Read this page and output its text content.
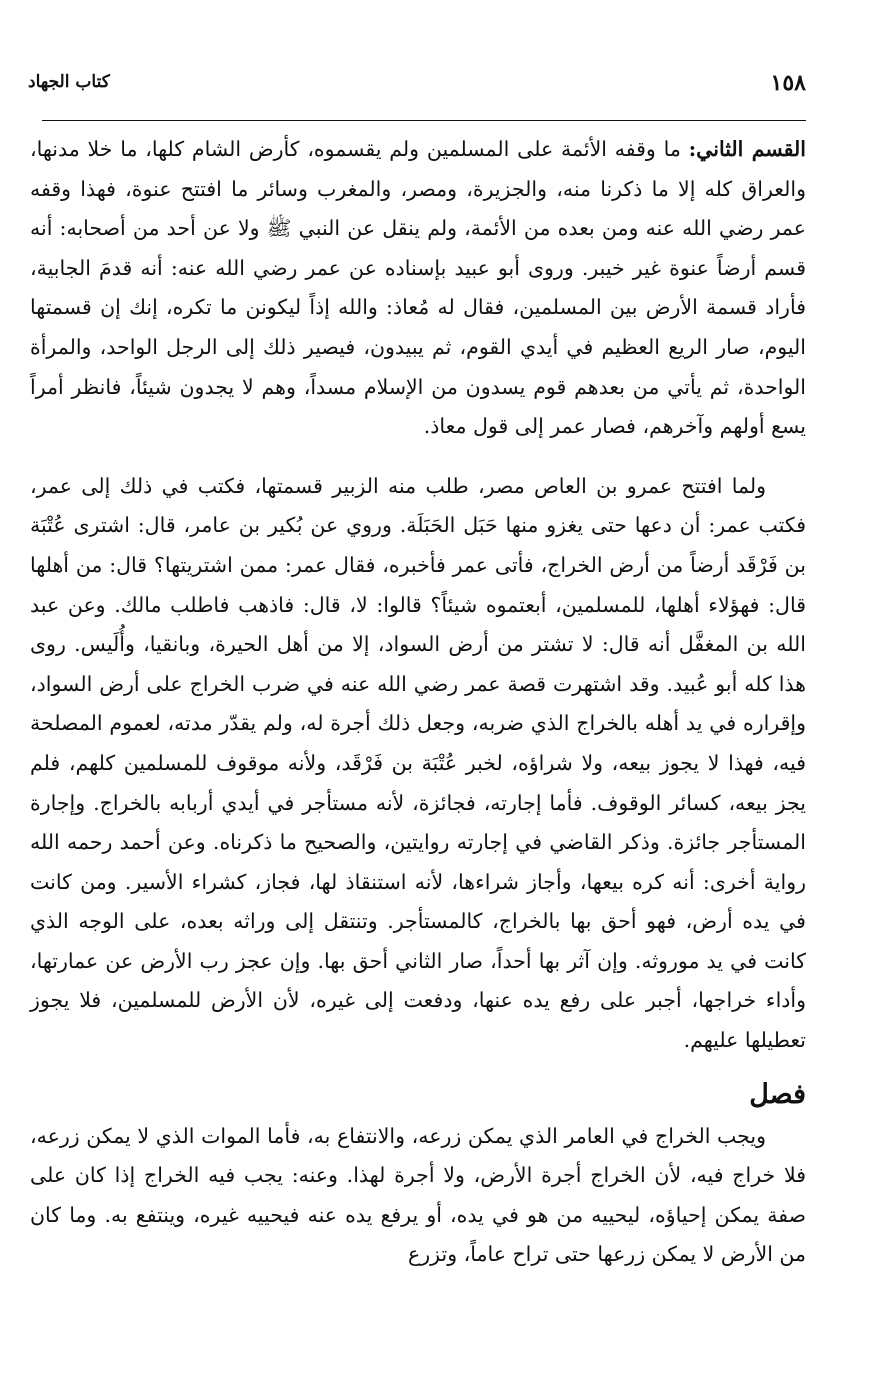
كتاب الجهاد	١٥٨

القسم الثاني: ما وقفه الأئمة على المسلمين ولم يقسموه، كأرض الشام كلها، ما خلا مدنها، والعراق كله إلا ما ذكرنا منه، والجزيرة، ومصر، والمغرب وسائر ما افتتح عنوة، فهذا وقفه عمر رضي الله عنه ومن بعده من الأئمة، ولم ينقل عن النبي ﷺ ولا عن أحد من أصحابه: أنه قسم أرضاً عنوة غير خيبر. وروى أبو عبيد بإسناده عن عمر رضي الله عنه: أنه قدمَ الجابية، فأراد قسمة الأرض بين المسلمين، فقال له مُعاذ: والله إذاً ليكونن ما تكره، إنك إن قسمتها اليوم، صار الريع العظيم في أيدي القوم، ثم يبيدون، فيصير ذلك إلى الرجل الواحد، والمرأة الواحدة، ثم يأتي من بعدهم قوم يسدون من الإسلام مسداً، وهم لا يجدون شيئاً، فانظر أمراً يسع أولهم وآخرهم، فصار عمر إلى قول معاذ.

ولما افتتح عمرو بن العاص مصر، طلب منه الزبير قسمتها، فكتب في ذلك إلى عمر، فكتب عمر: أن دعها حتى يغزو منها حَبَل الحَبَلَة. وروي عن بُكير بن عامر، قال: اشترى عُتْبَة بن فَرْقَد أرضاً من أرض الخراج، فأتى عمر فأخبره، فقال عمر: ممن اشتريتها؟ قال: من أهلها قال: فهؤلاء أهلها، للمسلمين، أبعتموه شيئاً؟ قالوا: لا، قال: فاذهب فاطلب مالك. وعن عبد الله بن المغفَّل أنه قال: لا تشتر من أرض السواد، إلا من أهل الحيرة، وبانقيا، وأُلَيس. روى هذا كله أبو عُبيد. وقد اشتهرت قصة عمر رضي الله عنه في ضرب الخراج على أرض السواد، وإقراره في يد أهله بالخراج الذي ضربه، وجعل ذلك أجرة له، ولم يقدّر مدته، لعموم المصلحة فيه، فهذا لا يجوز بيعه، ولا شراؤه، لخبر عُتْبَة بن فَرْقَد، ولأنه موقوف للمسلمين كلهم، فلم يجز بيعه، كسائر الوقوف. فأما إجارته، فجائزة، لأنه مستأجر في أيدي أربابه بالخراج. وإجارة المستأجر جائزة. وذكر القاضي في إجارته روايتين، والصحيح ما ذكرناه. وعن أحمد رحمه الله رواية أخرى: أنه كره بيعها، وأجاز شراءها، لأنه استنقاذ لها، فجاز، كشراء الأسير. ومن كانت في يده أرض، فهو أحق بها بالخراج، كالمستأجر. وتنتقل إلى وراثه بعده، على الوجه الذي كانت في يد موروثه. وإن آثر بها أحداً، صار الثاني أحق بها. وإن عجز رب الأرض عن عمارتها، وأداء خراجها، أجبر على رفع يده عنها، ودفعت إلى غيره، لأن الأرض للمسلمين، فلا يجوز تعطيلها عليهم.

فصل

ويجب الخراج في العامر الذي يمكن زرعه، والانتفاع به، فأما الموات الذي لا يمكن زرعه، فلا خراج فيه، لأن الخراج أجرة الأرض، ولا أجرة لهذا. وعنه: يجب فيه الخراج إذا كان على صفة يمكن إحياؤه، ليحييه من هو في يده، أو يرفع يده عنه فيحييه غيره، وينتفع به. وما كان من الأرض لا يمكن زرعها حتى تراح عاماً، وتزرع
